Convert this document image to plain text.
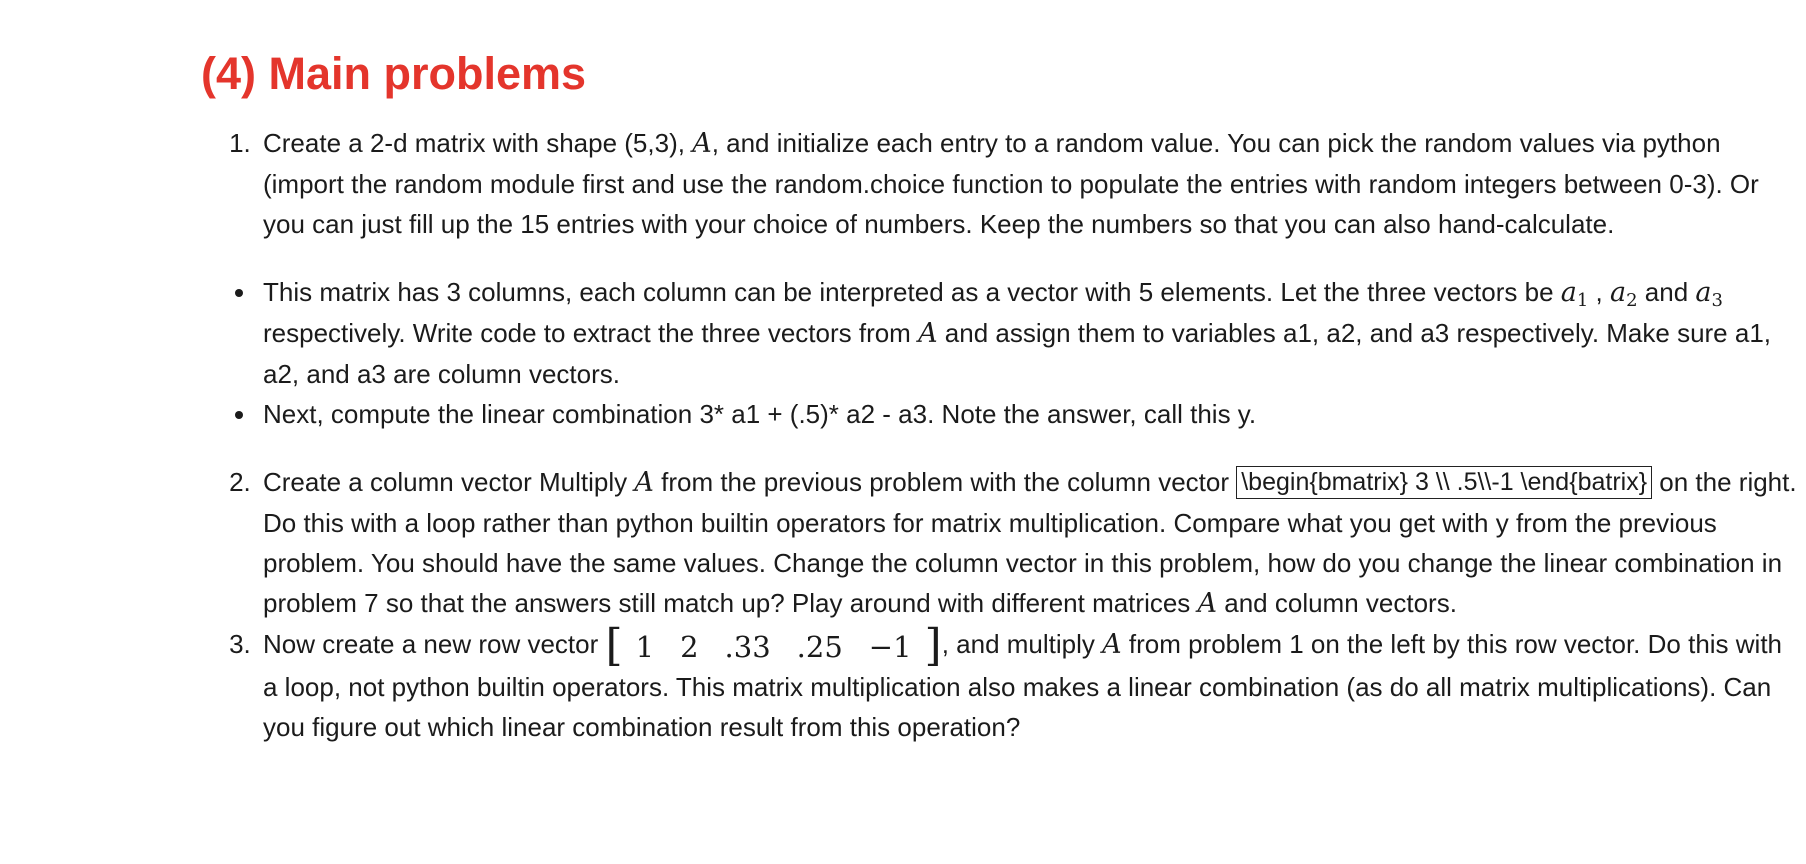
(4) Main problems
1. Create a 2-d matrix with shape (5,3), A, and initialize each entry to a random value. You can pick the random values via python (import the random module first and use the random.choice function to populate the entries with random integers between 0-3). Or you can just fill up the 15 entries with your choice of numbers. Keep the numbers so that you can also hand-calculate.
• This matrix has 3 columns, each column can be interpreted as a vector with 5 elements. Let the three vectors be $a_1$ , $a_2$ and $a_3$ respectively. Write code to extract the three vectors from A and assign them to variables a1, a2, and a3 respectively. Make sure a1, a2, and a3 are column vectors.
• Next, compute the linear combination 3* a1 + (.5)* a2 - a3. Note the answer, call this y.
2. Create a column vector Multiply A from the previous problem with the column vector \begin{bmatrix} 3 \\ .5\\-1 \end{batrix} on the right. Do this with a loop rather than python builtin operators for matrix multiplication. Compare what you get with y from the previous problem. You should have the same values. Change the column vector in this problem, how do you change the linear combination in problem 7 so that the answers still match up? Play around with different matrices A and column vectors.
3. Now create a new row vector [ 1 2 .33 .25 −1 ], and multiply A from problem 1 on the left by this row vector. Do this with a loop, not python builtin operators. This matrix multiplication also makes a linear combination (as do all matrix multiplications). Can you figure out which linear combination result from this operation?
